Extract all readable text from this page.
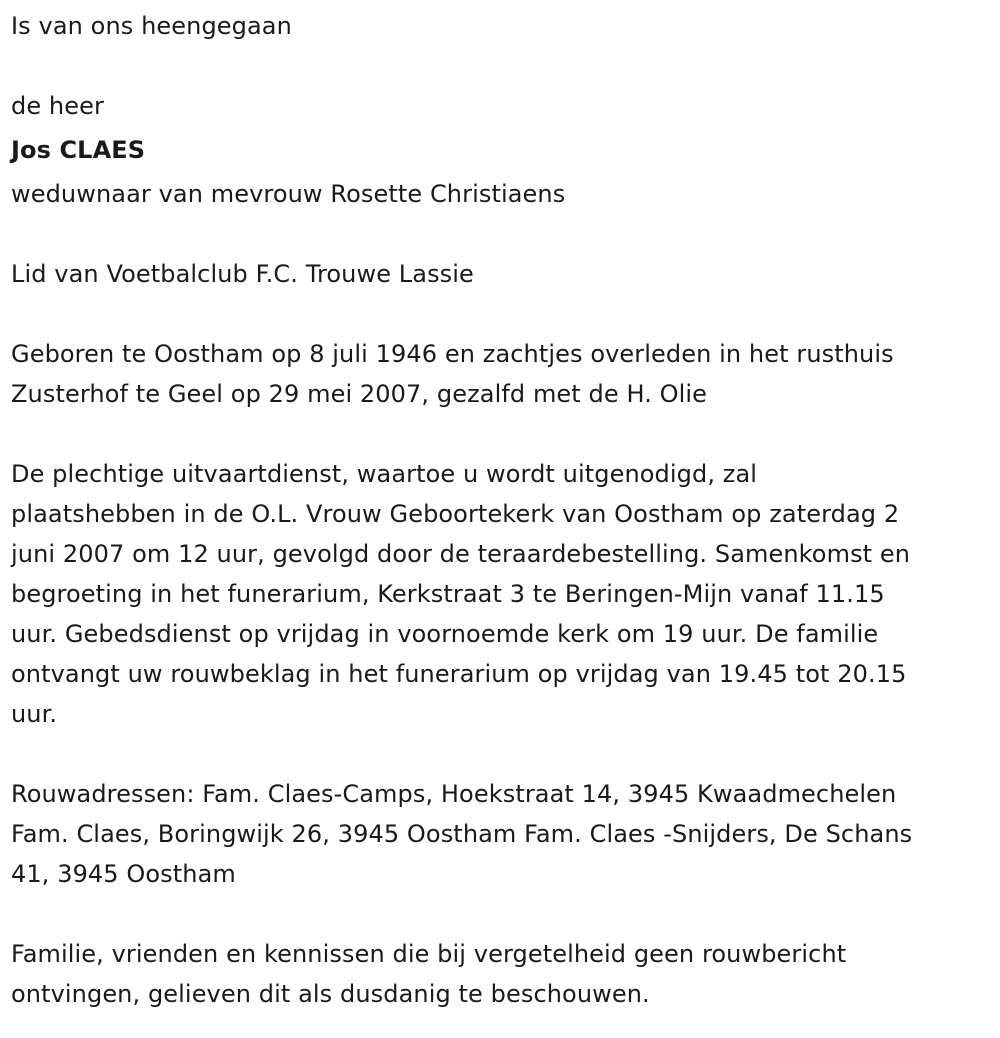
Is van ons heengegaan
de heer
Jos CLAES
weduwnaar van mevrouw Rosette Christiaens
Lid van Voetbalclub F.C. Trouwe Lassie
Geboren te Oostham op 8 juli 1946 en zachtjes overleden in het rusthuis
Zusterhof te Geel op 29 mei 2007, gezalfd met de H. Olie
De plechtige uitvaartdienst, waartoe u wordt uitgenodigd, zal
plaatshebben in de O.L. Vrouw Geboortekerk van Oostham op zaterdag 2
juni 2007 om 12 uur, gevolgd door de teraardebestelling. Samenkomst en
begroeting in het funerarium, Kerkstraat 3 te Beringen-Mijn vanaf 11.15
uur. Gebedsdienst op vrijdag in voornoemde kerk om 19 uur. De familie
ontvangt uw rouwbeklag in het funerarium op vrijdag van 19.45 tot 20.15
uur.
Rouwadressen: Fam. Claes-Camps, Hoekstraat 14, 3945 Kwaadmechelen
Fam. Claes, Boringwijk 26, 3945 Oostham Fam. Claes -Snijders, De Schans
41, 3945 Oostham
Familie, vrienden en kennissen die bij vergetelheid geen rouwbericht
ontvingen, gelieven dit als dusdanig te beschouwen.
